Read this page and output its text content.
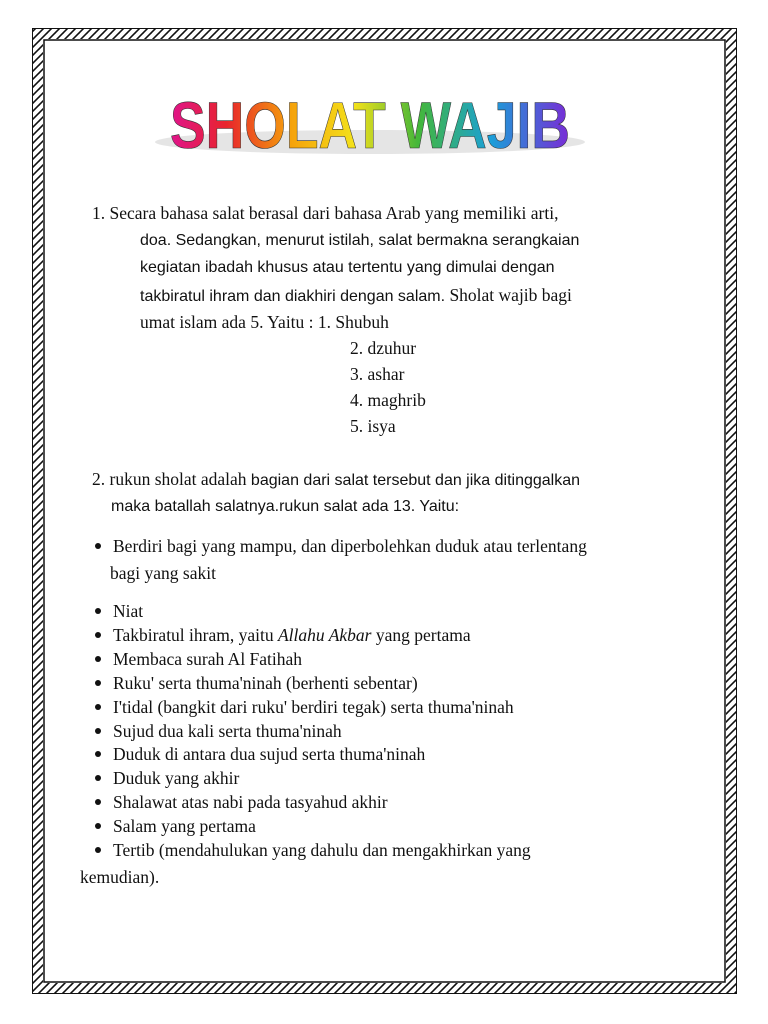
SHOLAT WAJIB
1. Secara bahasa salat berasal dari bahasa Arab yang memiliki arti,
doa. Sedangkan, menurut istilah, salat bermakna serangkaian
kegiatan ibadah khusus atau tertentu yang dimulai dengan
takbiratul ihram dan diakhiri dengan salam. Sholat wajib bagi
umat islam ada 5. Yaitu : 1. Shubuh
2. dzuhur
3. ashar
4. maghrib
5. isya
2. rukun sholat adalah bagian dari salat tersebut dan jika ditinggalkan
maka batallah salatnya.rukun salat ada 13. Yaitu:
Berdiri bagi yang mampu, dan diperbolehkan duduk atau terlentang
bagi yang sakit
Niat
Takbiratul ihram, yaitu Allahu Akbar yang pertama
Membaca surah Al Fatihah
Ruku' serta thuma'ninah (berhenti sebentar)
I'tidal (bangkit dari ruku' berdiri tegak) serta thuma'ninah
Sujud dua kali serta thuma'ninah
Duduk di antara dua sujud serta thuma'ninah
Duduk yang akhir
Shalawat atas nabi pada tasyahud akhir
Salam yang pertama
Tertib (mendahulukan yang dahulu dan mengakhirkan yang
kemudian).
